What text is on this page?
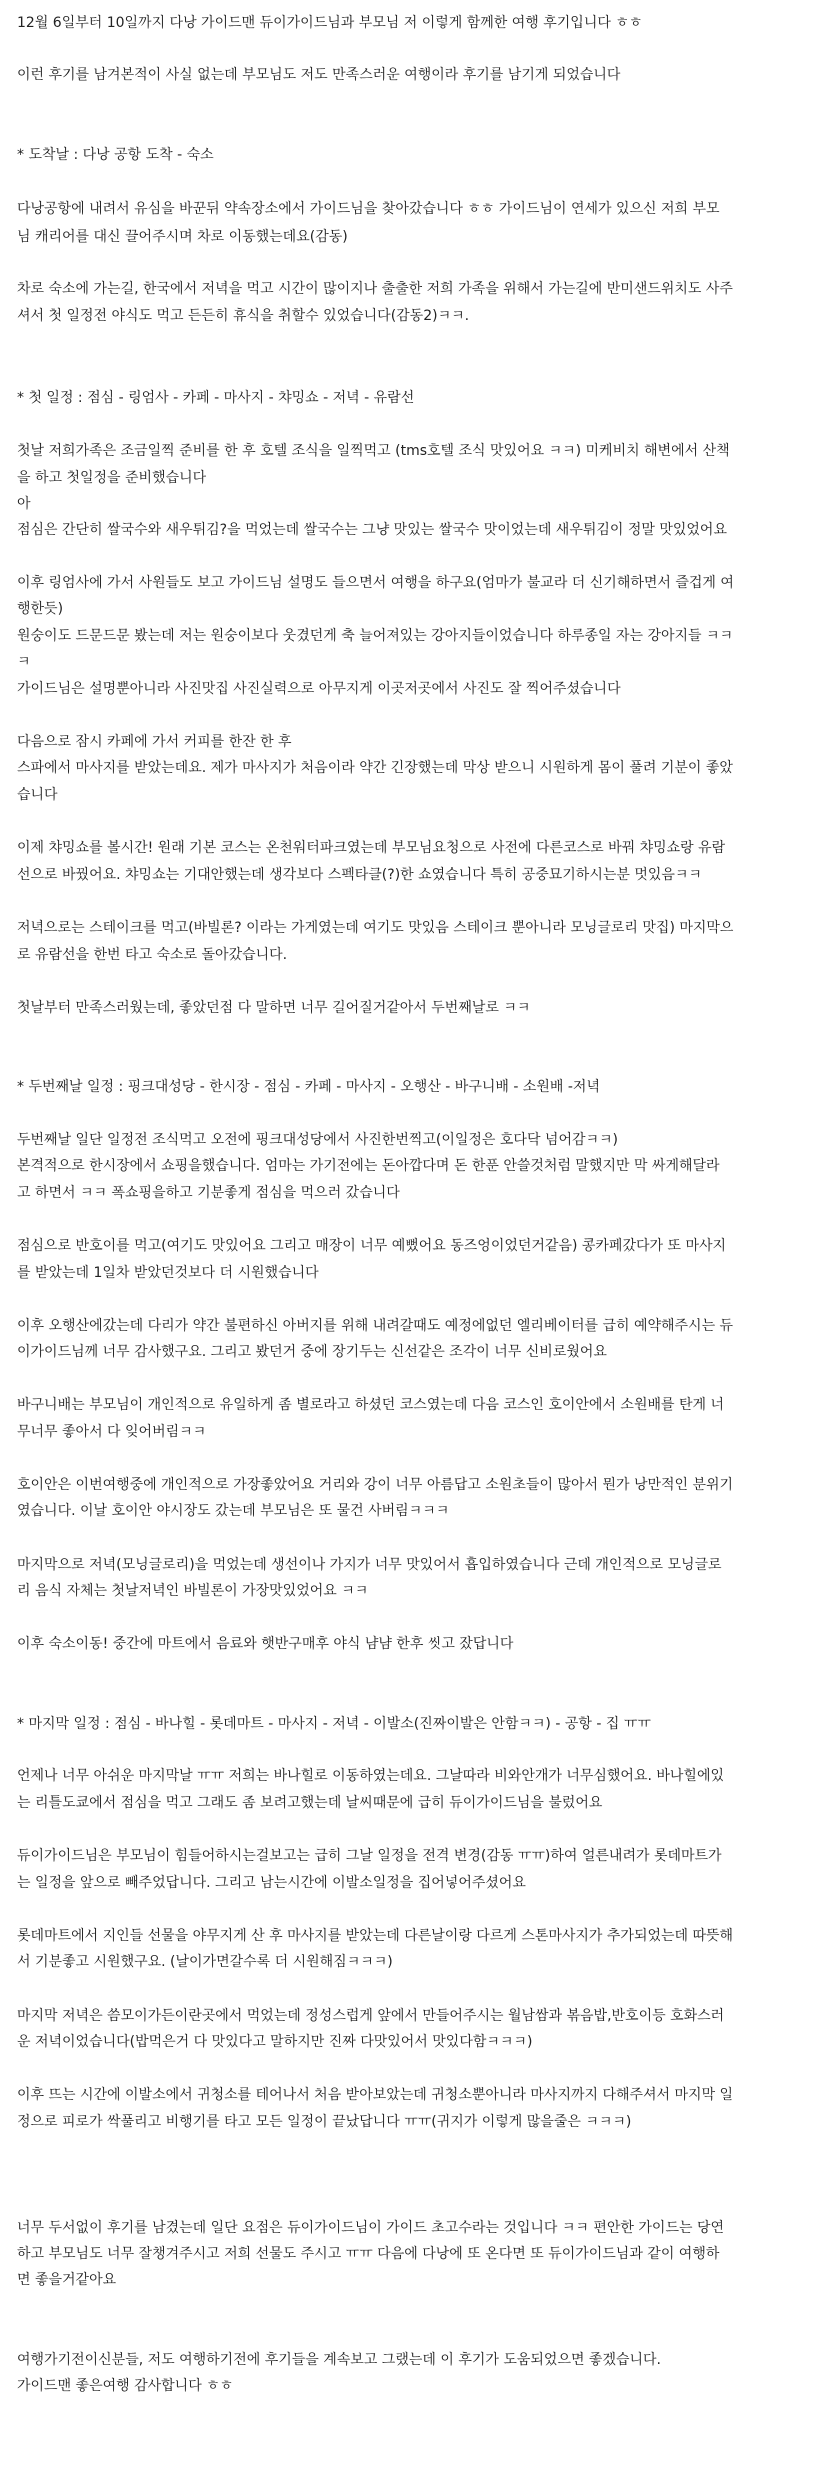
12월 6일부터 10일까지 다낭 가이드맨 듀이가이드님과 부모님 저 이렇게 함께한 여행 후기입니다 ㅎㅎ
이런 후기를 남겨본적이 사실 없는데 부모님도 저도 만족스러운 여행이라 후기를 남기게 되었습니다
* 도착날 : 다낭 공항 도착 - 숙소
다낭공항에 내려서 유심을 바꾼뒤 약속장소에서 가이드님을 찾아갔습니다 ㅎㅎ 가이드님이 연세가 있으신 저희 부모
님 캐리어를 대신 끌어주시며 차로 이동했는데요(감동)
차로 숙소에 가는길, 한국에서 저녁을 먹고 시간이 많이지나 출출한 저희 가족을 위해서 가는길에 반미샌드위치도 사주
셔서 첫 일정전 야식도 먹고 든든히 휴식을 취할수 있었습니다(감동2)ㅋㅋ.
* 첫 일정 : 점심 - 링엄사 - 카페 - 마사지 - 챠밍쇼 - 저녁 - 유람선
첫날 저희가족은 조금일찍 준비를 한 후 호텔 조식을 일찍먹고 (tms호텔 조식 맛있어요 ㅋㅋ) 미케비치 해변에서 산책
을 하고 첫일정을 준비했습니다
아
점심은 간단히 쌀국수와 새우튀김?을 먹었는데 쌀국수는 그냥 맛있는 쌀국수 맛이었는데 새우튀김이 정말 맛있었어요
이후 링엄사에 가서 사원들도 보고 가이드님 설명도 들으면서 여행을 하구요(엄마가 불교라 더 신기해하면서 즐겁게 여
행한듯)
원숭이도 드문드문 봤는데 저는 원숭이보다 웃겼던게 축 늘어져있는 강아지들이었습니다 하루종일 자는 강아지들 ㅋㅋ
ㅋ
가이드님은 설명뿐아니라 사진맛집 사진실력으로 아무지게 이곳저곳에서 사진도 잘 찍어주셨습니다
다음으로 잠시 카페에 가서 커피를 한잔 한 후
스파에서 마사지를 받았는데요. 제가 마사지가 처음이라 약간 긴장했는데 막상 받으니 시원하게 몸이 풀려 기분이 좋았
습니다
이제 챠밍쇼를 볼시간! 원래 기본 코스는 온천워터파크였는데 부모님요청으로 사전에 다른코스로 바꿔 챠밍쇼랑 유람
선으로 바꿨어요. 챠밍쇼는 기대안했는데 생각보다 스펙타클(?)한 쇼였습니다 특히 공중묘기하시는분 멋있음ㅋㅋ
저녁으로는 스테이크를 먹고(바빌론? 이라는 가게였는데 여기도 맛있음 스테이크 뿐아니라 모닝글로리 맛집) 마지막으
로 유람선을 한번 타고 숙소로 돌아갔습니다.
첫날부터 만족스러웠는데, 좋았던점 다 말하면 너무 길어질거같아서 두번째날로 ㅋㅋ
* 두번째날 일정 : 핑크대성당 - 한시장 - 점심 - 카페 - 마사지 - 오행산 - 바구니배 - 소원배 -저녁
두번째날 일단 일정전 조식먹고 오전에 핑크대성당에서 사진한번찍고(이일정은 호다닥 넘어감ㅋㅋ)
본격적으로 한시장에서 쇼핑을했습니다. 엄마는 가기전에는 돈아깝다며 돈 한푼 안쓸것처럼 말했지만 막 싸게해달라
고 하면서 ㅋㅋ 폭쇼핑을하고 기분좋게 점심을 먹으러 갔습니다
점심으로 반호이를 먹고(여기도 맛있어요 그리고 매장이 너무 예뻤어요 동즈엉이었던거같음) 콩카페갔다가 또 마사지
를 받았는데 1일차 받았던것보다 더 시원했습니다
이후 오행산에갔는데 다리가 약간 불편하신 아버지를 위해 내려갈때도 예정에없던 엘리베이터를 급히 예약해주시는 듀
이가이드님께 너무 감사했구요. 그리고 봤던거 중에 장기두는 신선같은 조각이 너무 신비로웠어요
바구니배는 부모님이 개인적으로 유일하게 좀 별로라고 하셨던 코스였는데 다음 코스인 호이안에서 소원배를 탄게 너
무너무 좋아서 다 잊어버림ㅋㅋ
호이안은 이번여행중에 개인적으로 가장좋았어요 거리와 강이 너무 아름답고 소원초들이 많아서 뭔가 낭만적인 분위기
였습니다. 이날 호이안 야시장도 갔는데 부모님은 또 물건 사버림ㅋㅋㅋ
마지막으로 저녁(모닝글로리)을 먹었는데 생선이나 가지가 너무 맛있어서 흡입하였습니다 근데 개인적으로 모닝글로
리 음식 자체는 첫날저녁인 바빌론이 가장맛있었어요 ㅋㅋ
이후 숙소이동! 중간에 마트에서 음료와 햇반구매후 야식 냠냠 한후 씻고 잤답니다
* 마지막 일정 : 점심 - 바나힐 - 롯데마트 - 마사지 - 저녁 - 이발소(진짜이발은 안함ㅋㅋ) - 공항 - 집 ㅠㅠ
언제나 너무 아쉬운 마지막날 ㅠㅠ 저희는 바나힐로 이동하였는데요. 그날따라 비와안개가 너무심했어요. 바나힐에있
는 리틀도쿄에서 점심을 먹고 그래도 좀 보려고했는데 날씨때문에 급히 듀이가이드님을 불렀어요
듀이가이드님은 부모님이 힘들어하시는걸보고는 급히 그날 일정을 전격 변경(감동 ㅠㅠ)하여 얼른내려가 롯데마트가
는 일정을 앞으로 빼주었답니다. 그리고 남는시간에 이발소일정을 집어넣어주셨어요
롯데마트에서 지인들 선물을 야무지게 산 후 마사지를 받았는데 다른날이랑 다르게 스톤마사지가 추가되었는데 따뜻해
서 기분좋고 시원했구요. (날이가면갈수록 더 시원해짐ㅋㅋㅋ)
마지막 저녁은 씀모이가든이란곳에서 먹었는데 정성스럽게 앞에서 만들어주시는 월남쌈과 볶음밥,반호이등 호화스러
운 저녁이었습니다(밥먹은거 다 맛있다고 말하지만 진짜 다맛있어서 맛있다함ㅋㅋㅋ)
이후 뜨는 시간에 이발소에서 귀청소를 테어나서 처음 받아보았는데 귀청소뿐아니라 마사지까지 다해주셔서 마지막 일
정으로 피로가 싹풀리고 비행기를 타고 모든 일정이 끝났답니다 ㅠㅠ(귀지가 이렇게 많을줄은 ㅋㅋㅋ)
너무 두서없이 후기를 남겼는데 일단 요점은 듀이가이드님이 가이드 초고수라는 것입니다 ㅋㅋ 편안한 가이드는 당연
하고 부모님도 너무 잘챙겨주시고 저희 선물도 주시고 ㅠㅠ 다음에 다낭에 또 온다면 또 듀이가이드님과 같이 여행하
면 좋을거같아요
여행가기전이신분들, 저도 여행하기전에 후기들을 계속보고 그랬는데 이 후기가 도움되었으면 좋겠습니다.
가이드맨 좋은여행 감사합니다 ㅎㅎ
